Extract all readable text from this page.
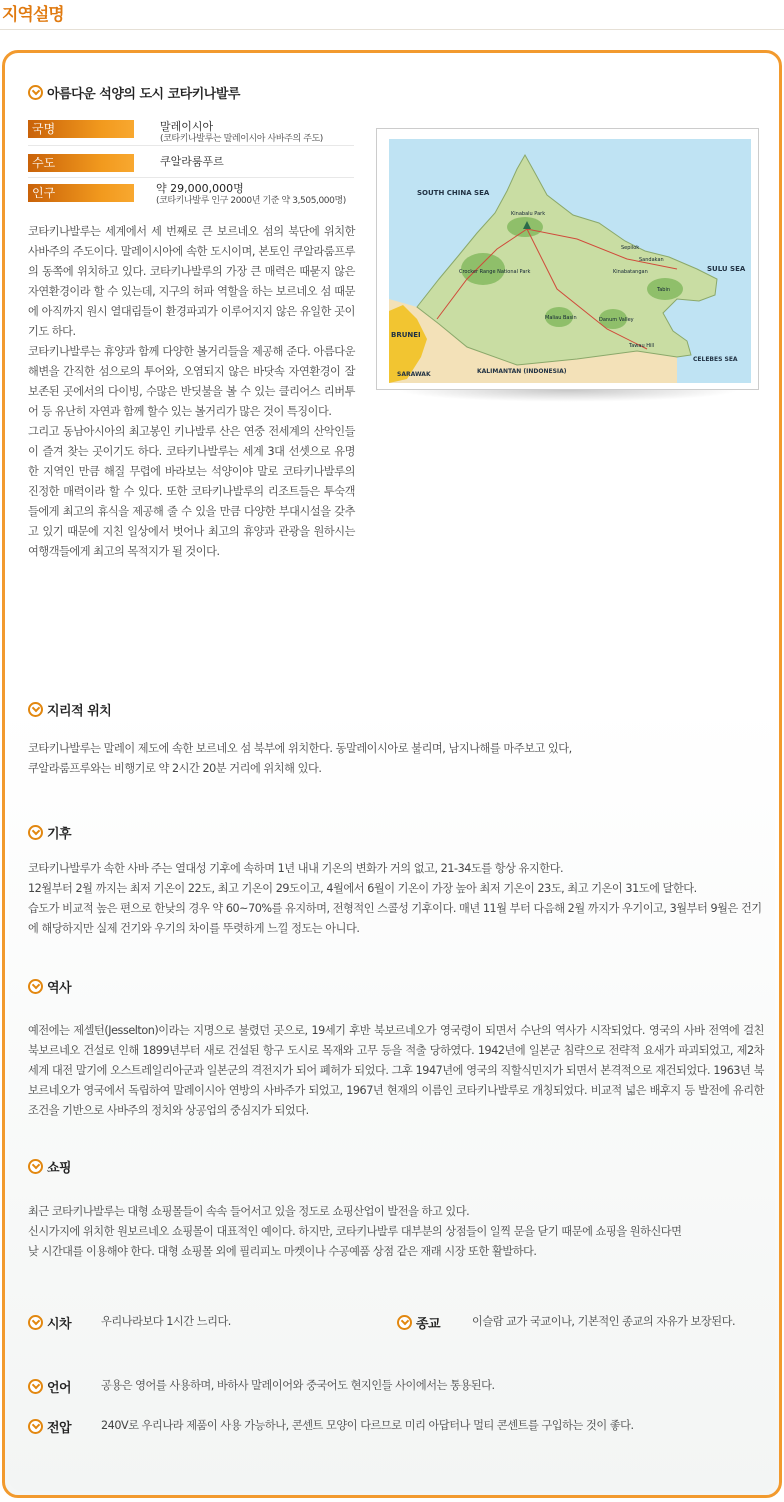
지역설명
아름다운 석양의 도시 코타키나발루
국명	말레이시아
(코타키나발루는 말레이시아 사바주의 주도)
수도	쿠알라룸푸르
인구	약 29,000,000명
(코타키나발루 인구 2000년 기준 약 3,505,000명)

코타키나발루는 세계에서 세 번째로 큰 보르네오 섬의 북단에 위치한 사바주의 주도이다. 말레이시아에 속한 도시이며, 본토인 쿠알라룸프루의 동쪽에 위치하고 있다. 코타키나발루의 가장 큰 매력은 때묻지 않은 자연환경이라 할 수 있는데, 지구의 허파 역할을 하는 보르네오 섬 때문에 아직까지 원시 열대림들이 환경파괴가 이루어지지 않은 유일한 곳이기도 하다.

코타키나발루는 휴양과 함께 다양한 볼거리들을 제공해 준다. 아름다운 해변을 간직한 섬으로의 투어와, 오염되지 않은 바닷속 자연환경이 잘 보존된 곳에서의 다이빙, 수많은 반딧불을 볼 수 있는 클리어스 리버투어 등 유난히 자연과 함께 할수 있는 볼거리가 많은 것이 특징이다.

그리고 동남아시아의 최고봉인 키나발루 산은 연중 전세계의 산악인들이 즐겨 찾는 곳이기도 하다. 코타키나발루는 세계 3대 선셋으로 유명한 지역인 만큼 해질 무렵에 바라보는 석양이야 말로 코타키나발루의 진정한 매력이라 할 수 있다. 또한 코타키나발루의 리조트들은 투숙객들에게 최고의 휴식을 제공해 줄 수 있을 만큼 다양한 부대시설을 갖추고 있기 때문에 지친 일상에서 벗어나 최고의 휴양과 관광을 원하시는 여행객들에게 최고의 목적지가 될 것이다.

SOUTH CHINA SEA
SULU SEA
CELEBES SEA
BRUNEI
SARAWAK	KALIMANTAN (INDONESIA)
Kinabalu Park
Crocker Range National Park
Maliau Basin	Danum Valley
Tabin
Sandakan
Kinabatangan
Tawau Hill
Sepilok
지리적 위치

코타키나발루는 말레이 제도에 속한 보르네오 섬 북부에 위치한다. 동말레이시아로 불리며, 남지나해를 마주보고 있다,

쿠알라룸프루와는 비행기로 약 2시간 20분 거리에 위치해 있다.

기후

코타키나발루가 속한 사바 주는 열대성 기후에 속하며 1년 내내 기온의 변화가 거의 없고, 21-34도를 항상 유지한다.

12월부터 2월 까지는 최저 기온이 22도, 최고 기온이 29도이고, 4월에서 6월이 기온이 가장 높아 최저 기온이 23도, 최고 기온이 31도에 달한다.

습도가 비교적 높은 편으로 한낮의 경우 약 60~70%를 유지하며, 전형적인 스콜성 기후이다. 매년 11월 부터 다음해 2월 까지가 우기이고, 3월부터 9월은 건기에 해당하지만 실제 건기와 우기의 차이를 뚜렷하게 느낄 정도는 아니다.

역사

예전에는 제셀턴(Jesselton)이라는 지명으로 불렸던 곳으로, 19세기 후반 북보르네오가 영국령이 되면서 수난의 역사가 시작되었다. 영국의 사바 전역에 걸친 북보르네오 건설로 인해 1899년부터 새로 건설된 항구 도시로 목재와 고무 등을 적출 당하였다. 1942년에 일본군 침략으로 전략적 요새가 파괴되었고, 제2차 세계 대전 말기에 오스트레일리아군과 일본군의 격전지가 되어 폐허가 되었다. 그후 1947년에 영국의 직할식민지가 되면서 본격적으로 재건되었다. 1963년 북보르네오가 영국에서 독립하여 말레이시아 연방의 사바주가 되었고, 1967년 현재의 이름인 코타키나발루로 개칭되었다. 비교적 넓은 배후지 등 발전에 유리한 조건을 기반으로 사바주의 정치와 상공업의 중심지가 되었다.

쇼핑

최근 코타키나발루는 대형 쇼핑몰들이 속속 들어서고 있을 정도로 쇼핑산업이 발전을 하고 있다.

신시가지에 위치한 원보르네오 쇼핑몰이 대표적인 예이다. 하지만, 코타키나발루 대부분의 상점들이 일찍 문을 닫기 때문에 쇼핑을 원하신다면

낮 시간대를 이용해야 한다. 대형 쇼핑몰 외에 필리피노 마켓이나 수공예품 상점 같은 재래 시장 또한 활발하다.

시차	우리나라보다 1시간 느리다.	종교	이슬람 교가 국교이나, 기본적인 종교의 자유가 보장된다.
언어	공용은 영어를 사용하며, 바하사 말레이어와 중국어도 현지인들 사이에서는 통용된다.
전압	240V로 우리나라 제품이 사용 가능하나, 콘센트 모양이 다르므로 미리 아답터나 멀티 콘센트를 구입하는 것이 좋다.
